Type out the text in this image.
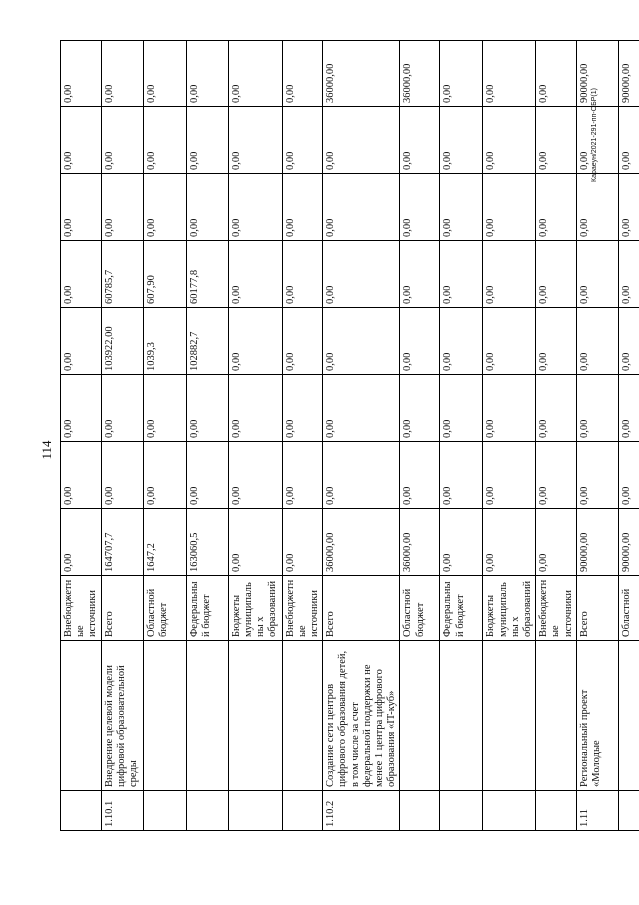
114
Караеун/2021-291-пп-ОБР(1)
		Внебюджетные источники	0,00	0,00	0,00	0,00	0,00	0,00	0,00	0,00
1.10.1	Внедрение целевой модели цифровой образовательной среды	Всего	164707,7	0,00	0,00	103922,00	60785,7	0,00	0,00	0,00
		Областной бюджет	1647,2	0,00	0,00	1039,3	607,90	0,00	0,00	0,00
		Федеральный бюджет	163060,5	0,00	0,00	102882,7	60177,8	0,00	0,00	0,00
		Бюджеты муниципальны х образований	0,00	0,00	0,00	0,00	0,00	0,00	0,00	0,00
		Внебюджетные источники	0,00	0,00	0,00	0,00	0,00	0,00	0,00	0,00
1.10.2	Создание сети центров цифрового образования детей, в том числе за счет федеральной поддержки не менее 1 центра цифрового образования «IT-куб»	Всего	36000,00	0,00	0,00	0,00	0,00	0,00	0,00	36000,00
		Областной бюджет	36000,00	0,00	0,00	0,00	0,00	0,00	0,00	36000,00
		Федеральный бюджет	0,00	0,00	0,00	0,00	0,00	0,00	0,00	0,00
		Бюджеты муниципальны х образований	0,00	0,00	0,00	0,00	0,00	0,00	0,00	0,00
		Внебюджетные источники	0,00	0,00	0,00	0,00	0,00	0,00	0,00	0,00
1.11	Региональный проект «Молодые	Всего	90000,00	0,00	0,00	0,00	0,00	0,00	0,00	90000,00
		Областной	90000,00	0,00	0,00	0,00	0,00	0,00	0,00	90000,00
